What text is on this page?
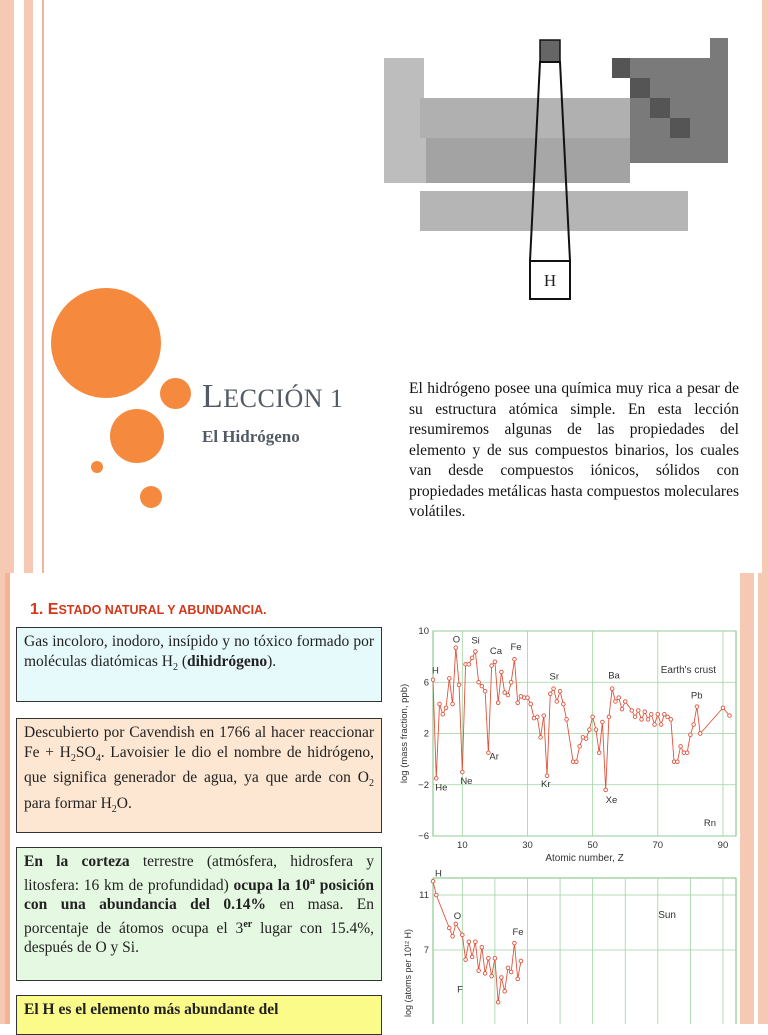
H
LECCIÓN 1
El Hidrógeno
El hidrógeno posee una química muy rica a pesar de su estructura atómica simple. En esta lección resumiremos algunas de las propiedades del elemento y de sus compuestos binarios, los cuales van desde compuestos iónicos, sólidos con propiedades metálicas hasta compuestos moleculares volátiles.
1. ESTADO NATURAL Y ABUNDANCIA.
Gas incoloro, inodoro, insípido y no tóxico formado por moléculas diatómicas $H_2$ (dihidrógeno).
Descubierto por Cavendish en 1766 al hacer reaccionar $Fe + H_2SO_4$. Lavoisier le dio el nombre de hidrógeno, que significa generador de agua, ya que arde con $O_2$ para formar $H_2O$.
En la corteza terrestre (atmósfera, hidrosfera y litosfera: 16 km de profundidad) ocupa la 10$^a$ posición con una abundancia del 0.14% en masa. En porcentaje de átomos ocupa el 3er lugar con 15.4%, después de O y Si.
El H es el elemento más abundante del
10	30	50	70	90
−6
−2
2
6
10
Atomic number, Z
log (mass fraction, ppb)
Earth's crust
H
He
O Si
Ca Fe
Ne
Ar
Sr
Kr
Ba
Xe
Pb
Rn
7
11
log (atoms per 10¹² H)
Sun
H
O
Fe
F
